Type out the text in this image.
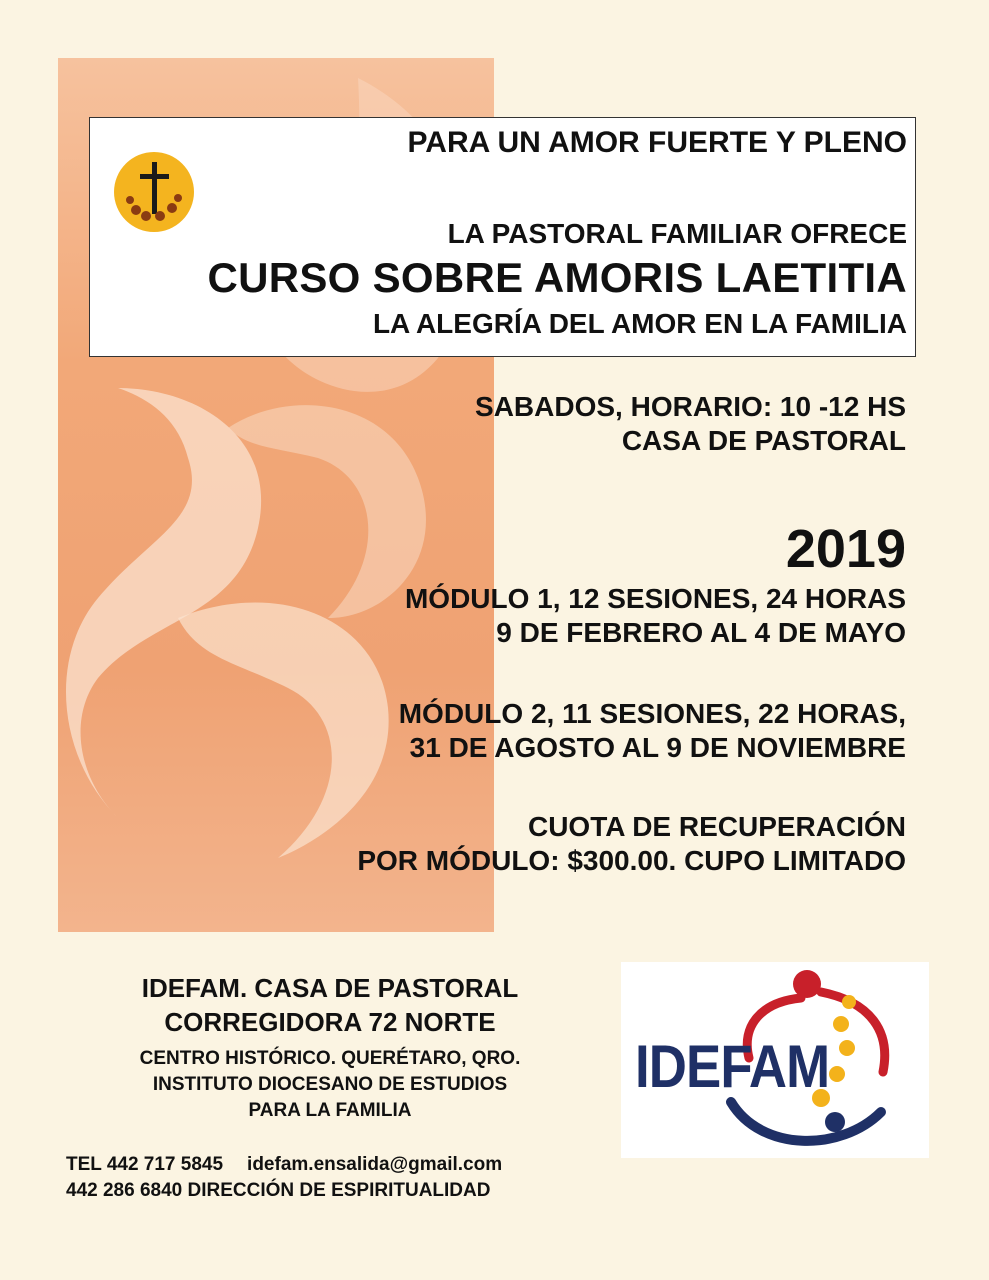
PARA UN AMOR FUERTE Y PLENO
LA PASTORAL FAMILIAR OFRECE
CURSO SOBRE AMORIS LAETITIA
LA ALEGRÍA DEL AMOR EN LA FAMILIA
SABADOS, HORARIO: 10 -12 HS
CASA DE PASTORAL
2019
MÓDULO 1, 12 SESIONES, 24 HORAS
9 DE FEBRERO AL 4 DE MAYO
MÓDULO 2, 11 SESIONES, 22 HORAS,
31 DE AGOSTO AL 9 DE NOVIEMBRE
CUOTA DE RECUPERACIÓN
POR MÓDULO: $300.00. CUPO LIMITADO
IDEFAM. CASA DE PASTORAL
CORREGIDORA 72 NORTE
CENTRO HISTÓRICO. QUERÉTARO, QRO.
INSTITUTO DIOCESANO DE ESTUDIOS
PARA LA FAMILIA
TEL 442 717 5845 idefam.ensalida@gmail.com
442 286 6840 DIRECCIÓN DE ESPIRITUALIDAD
IDEFAM
